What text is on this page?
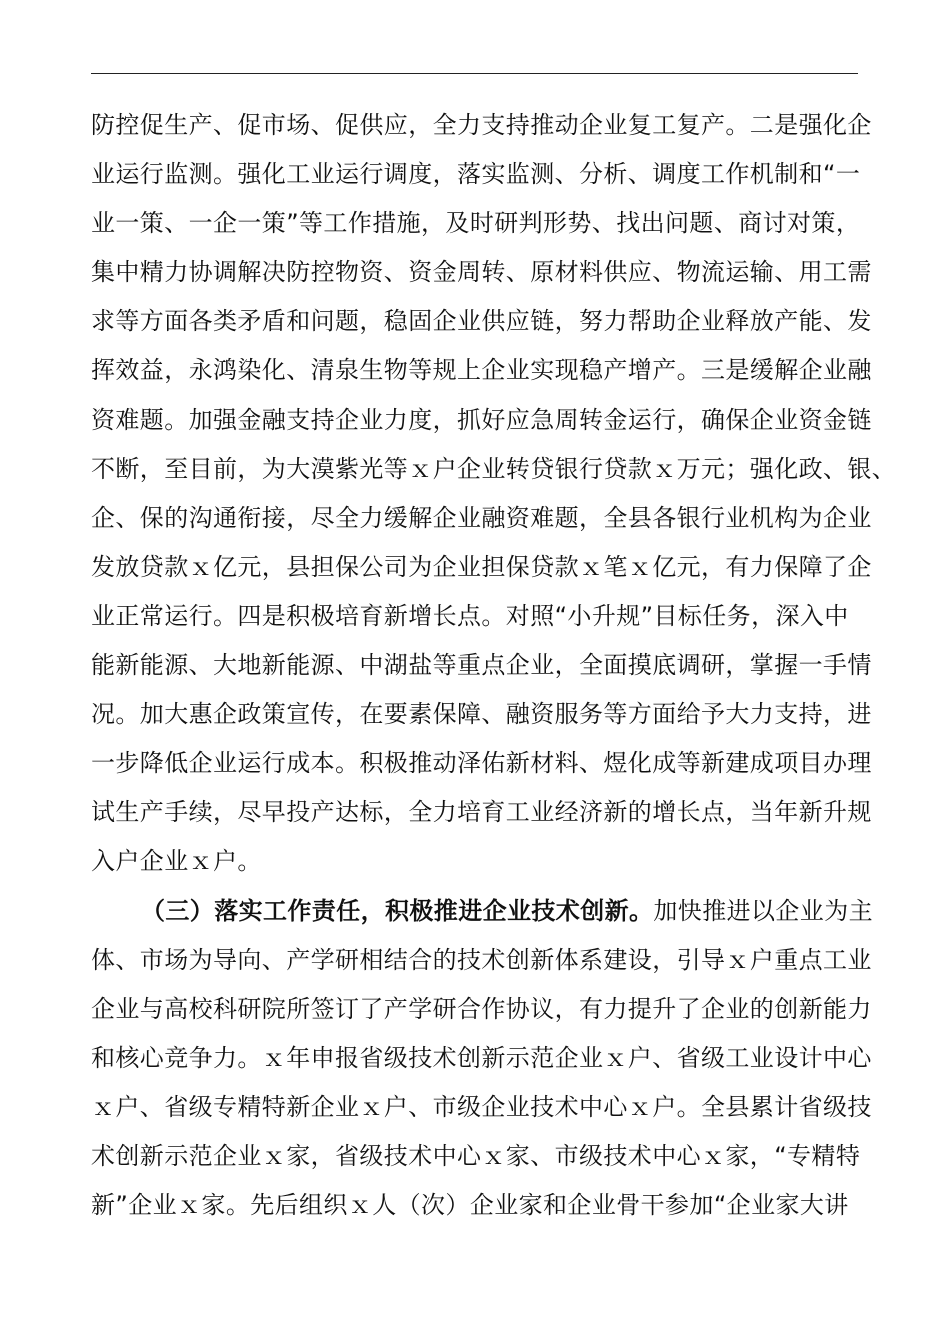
防控促生产、促市场、促供应，全力支持推动企业复工复产。二是强化企
业运行监测。强化工业运行调度，落实监测、分析、调度工作机制和“一
业一策、一企一策”等工作措施，及时研判形势、找出问题、商讨对策，
集中精力协调解决防控物资、资金周转、原材料供应、物流运输、用工需
求等方面各类矛盾和问题，稳固企业供应链，努力帮助企业释放产能、发
挥效益，永鸿染化、清泉生物等规上企业实现稳产增产。三是缓解企业融
资难题。加强金融支持企业力度，抓好应急周转金运行，确保企业资金链
不断，至目前，为大漠紫光等ｘ户企业转贷银行贷款ｘ万元；强化政、银、
企、保的沟通衔接，尽全力缓解企业融资难题，全县各银行业机构为企业
发放贷款ｘ亿元，县担保公司为企业担保贷款ｘ笔ｘ亿元，有力保障了企
业正常运行。四是积极培育新增长点。对照“小升规”目标任务，深入中
能新能源、大地新能源、中湖盐等重点企业，全面摸底调研，掌握一手情
况。加大惠企政策宣传，在要素保障、融资服务等方面给予大力支持，进
一步降低企业运行成本。积极推动泽佑新材料、煜化成等新建成项目办理
试生产手续，尽早投产达标，全力培育工业经济新的增长点，当年新升规
入户企业ｘ户。
（三）落实工作责任，积极推进企业技术创新。加快推进以企业为主
体、市场为导向、产学研相结合的技术创新体系建设，引导ｘ户重点工业
企业与高校科研院所签订了产学研合作协议，有力提升了企业的创新能力
和核心竞争力。ｘ年申报省级技术创新示范企业ｘ户、省级工业设计中心
ｘ户、省级专精特新企业ｘ户、市级企业技术中心ｘ户。全县累计省级技
术创新示范企业ｘ家，省级技术中心ｘ家、市级技术中心ｘ家，“专精特
新”企业ｘ家。先后组织ｘ人（次）企业家和企业骨干参加“企业家大讲
